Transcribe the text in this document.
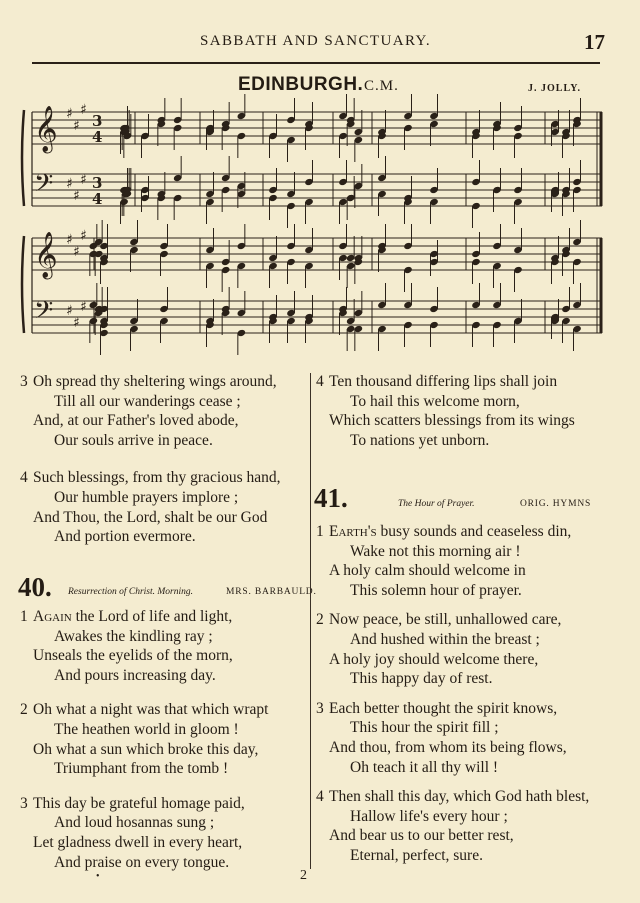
SABBATH AND SANCTUARY.	17
EDINBURGH. C.M.	J. JOLLY.
𝄞
𝄢
♯
♯
♯
♯
♯
♯
3
4
3
4
𝄞
𝄢
♯
♯
♯
♯
♯
♯
3 Oh spread thy sheltering wings around,
Till all our wanderings cease ;
And, at our Father's loved abode,
Our souls arrive in peace.
4 Such blessings, from thy gracious hand,
Our humble prayers implore ;
And Thou, the Lord, shalt be our God
And portion evermore.
40. Resurrection of Christ. Morning.	MRS. BARBAULD.
1 Again the Lord of life and light,
Awakes the kindling ray ;
Unseals the eyelids of the morn,
And pours increasing day.
2 Oh what a night was that which wrapt
The heathen world in gloom !
Oh what a sun which broke this day,
Triumphant from the tomb !
3 This day be grateful homage paid,
And loud hosannas sung ;
Let gladness dwell in every heart,
And praise on every tongue.
4 Ten thousand differing lips shall join
To hail this welcome morn,
Which scatters blessings from its wings
To nations yet unborn.
41.	The Hour of Prayer.	ORIG. HYMNS
1 Earth's busy sounds and ceaseless din,
Wake not this morning air !
A holy calm should welcome in
This solemn hour of prayer.
2 Now peace, be still, unhallowed care,
And hushed within the breast ;
A holy joy should welcome there,
This happy day of rest.
3 Each better thought the spirit knows,
This hour the spirit fill ;
And thou, from whom its being flows,
Oh teach it all thy will !
4 Then shall this day, which God hath blest,
Hallow life's every hour ;
And bear us to our better rest,
Eternal, perfect, sure.
2
•
